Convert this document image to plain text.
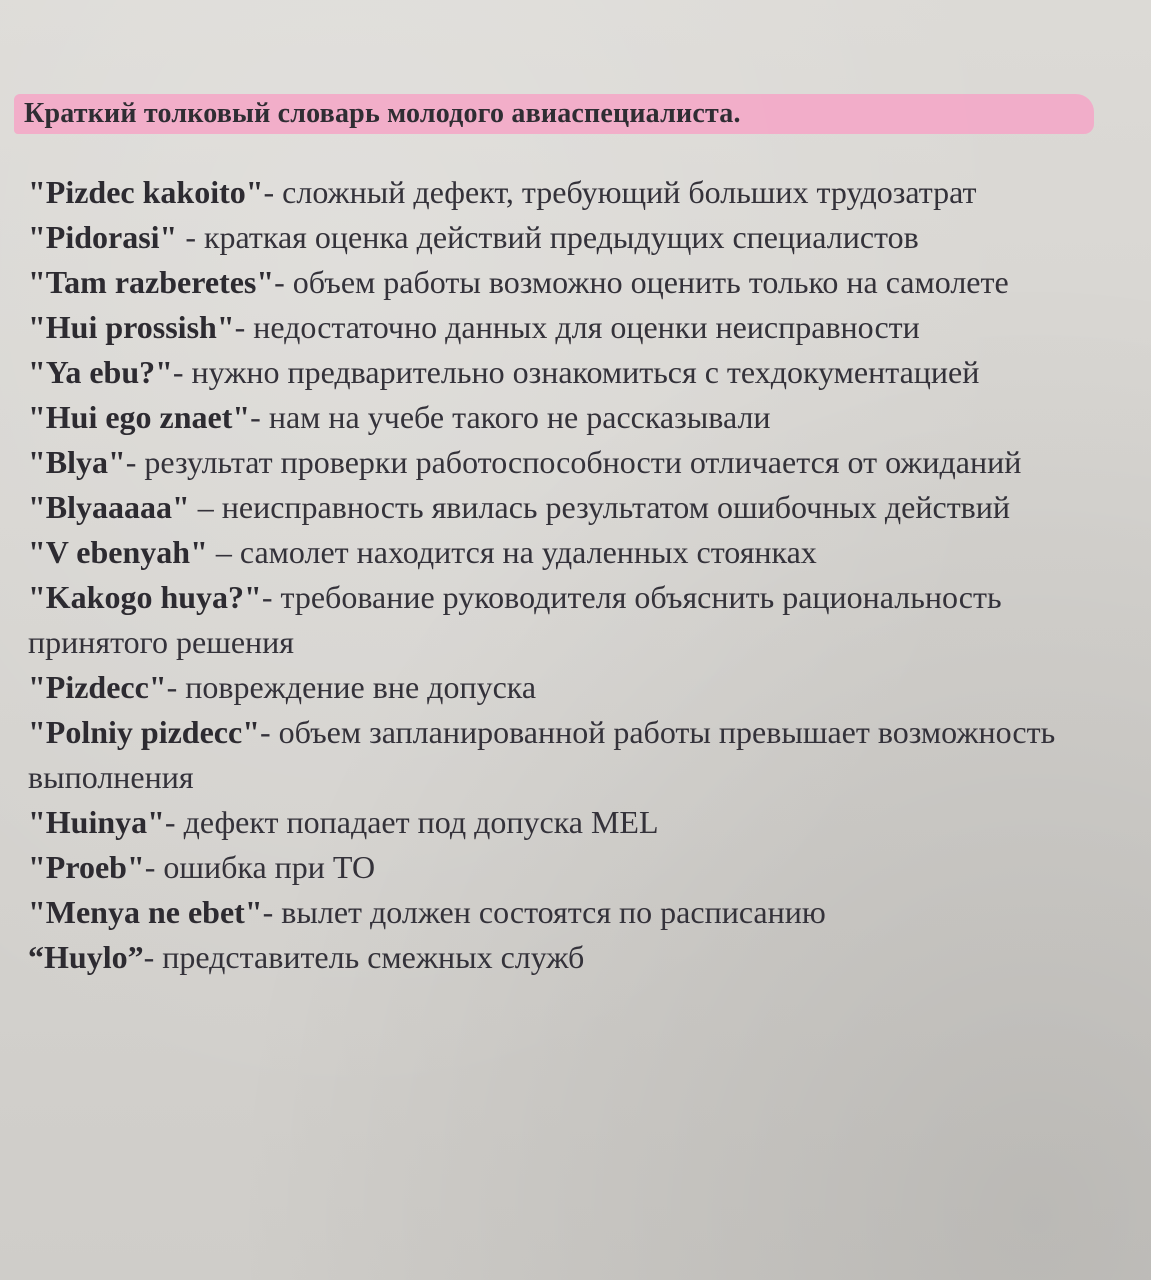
Краткий толковый словарь молодого авиаспециалиста.

"Pizdec kakoito"- сложный дефект, требующий больших трудозатрат

"Pidorasi" - краткая оценка действий предыдущих специалистов

"Tam razberetes"- объем работы возможно оценить только на самолете

"Hui prossish"- недостаточно данных для оценки неисправности

"Ya ebu?"- нужно предварительно ознакомиться с техдокументацией

"Hui ego znaet"- нам на учебе такого не рассказывали

"Blya"- результат проверки работоспособности отличается от ожиданий

"Blyaaaaa" – неисправность явилась результатом ошибочных действий

"V ebenyah" – самолет находится на удаленных стоянках

"Kakogo huya?"- требование руководителя объяснить рациональность принятого решения

"Pizdecc"- повреждение вне допуска

"Polniy pizdecc"- объем запланированной работы превышает возможность выполнения

"Huinya"- дефект попадает под допуска MEL

"Proeb"- ошибка при ТО

"Menya ne ebet"- вылет должен состоятся по расписанию

“Huylo”- представитель смежных служб
